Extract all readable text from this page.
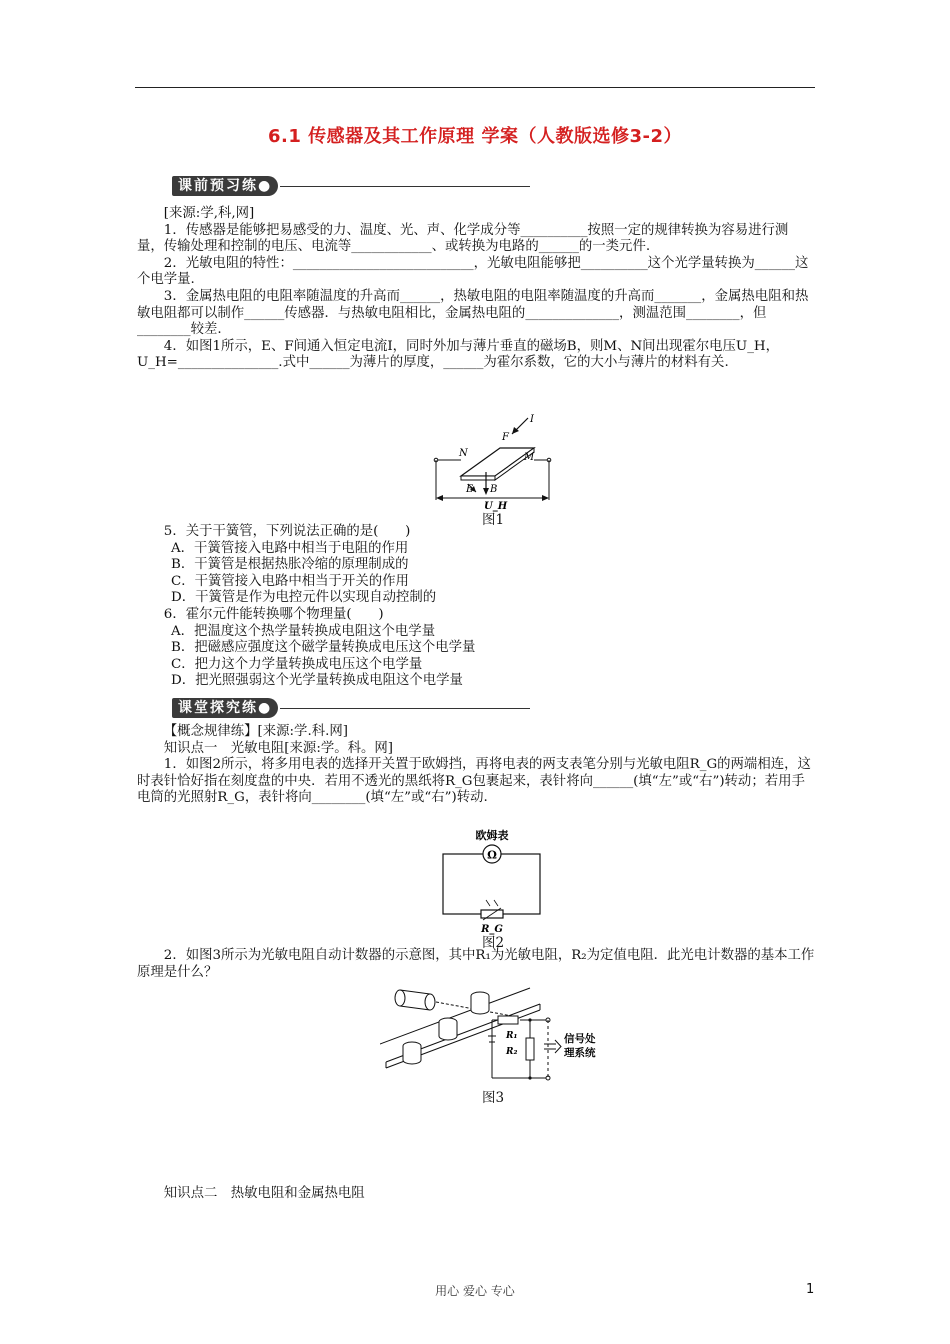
6.1 传感器及其工作原理 学案（人教版选修3-2）
课前预习练●

[来源:学,科,网]

1．传感器是能够把易感受的力、温度、光、声、化学成分等__________按照一定的规律转换为容易进行测量，传输处理和控制的电压、电流等____________、或转换为电路的______的一类元件.

2．光敏电阻的特性：___________________________，光敏电阻能够把__________这个光学量转换为______这个电学量.

3．金属热电阻的电阻率随温度的升高而______，热敏电阻的电阻率随温度的升高而_______，金属热电阻和热敏电阻都可以制作______传感器．与热敏电阻相比，金属热电阻的______________，测温范围________，但________较差.

4．如图1所示，E、F间通入恒定电流I，同时外加与薄片垂直的磁场B，则M、N间出现霍尔电压U_H，U_H=_______________.式中______为薄片的厚度，______为霍尔系数，它的大小与薄片的材料有关.

I
F
N	M
E B
U_H
图1

5．关于干簧管，下列说法正确的是(　　)

A．干簧管接入电路中相当于电阻的作用

B．干簧管是根据热胀冷缩的原理制成的

C．干簧管接入电路中相当于开关的作用

D．干簧管是作为电控元件以实现自动控制的

6．霍尔元件能转换哪个物理量(　　)

A．把温度这个热学量转换成电阻这个电学量

B．把磁感应强度这个磁学量转换成电压这个电学量

C．把力这个力学量转换成电压这个电学量

D．把光照强弱这个光学量转换成电阻这个电学量

课堂探究练●

【概念规律练】[来源:学.科.网]

知识点一　光敏电阻[来源:学。科。网]

1．如图2所示，将多用电表的选择开关置于欧姆挡，再将电表的两支表笔分别与光敏电阻R_G的两端相连，这时表针恰好指在刻度盘的中央．若用不透光的黑纸将R_G包裹起来，表针将向______(填“左”或“右”)转动；若用手电筒的光照射R_G，表针将向________(填“左”或“右”)转动.

欧姆表
Ω
R_G
图2

2．如图3所示为光敏电阻自动计数器的示意图，其中R₁为光敏电阻，R₂为定值电阻．此光电计数器的基本工作原理是什么？

R₁
R₂
信号处
理系统
图3

知识点二　热敏电阻和金属热电阻

用心 爱心 专心	1
